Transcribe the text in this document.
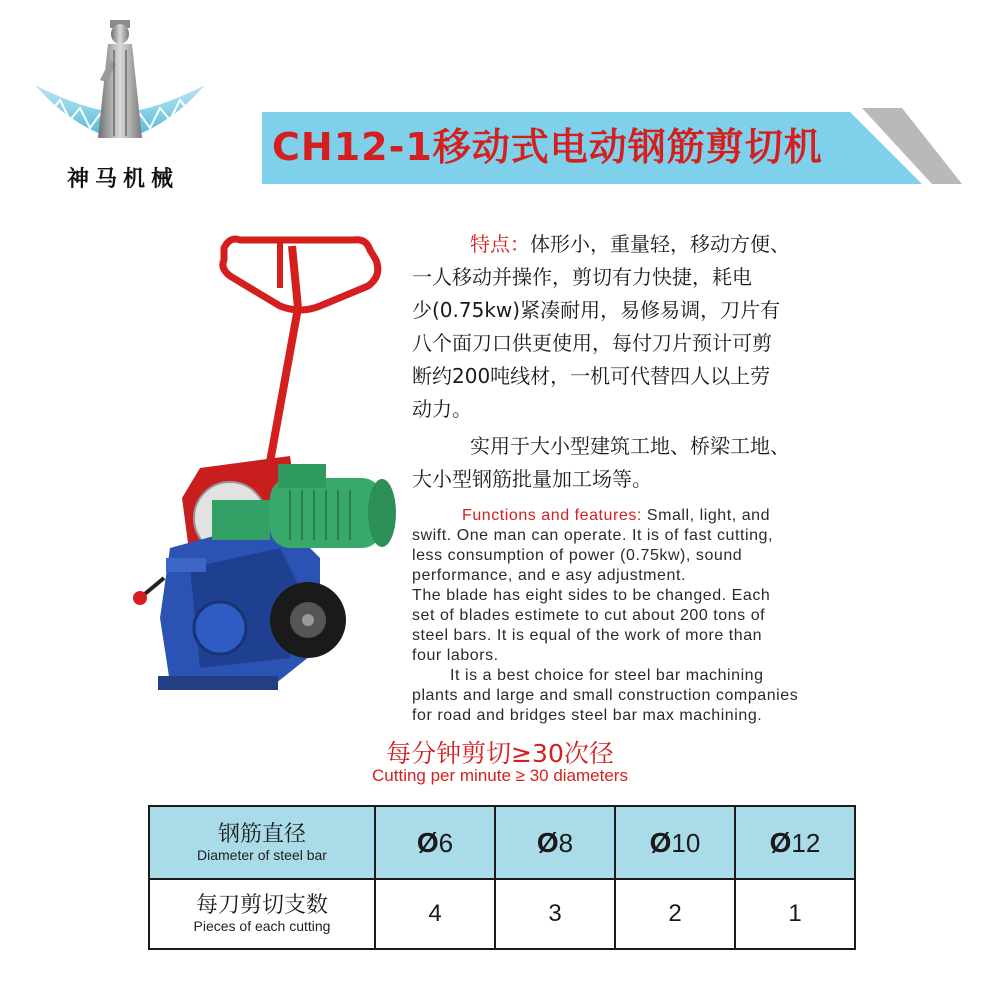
神马机械
CH12-1移动式电动钢筋剪切机
特点：体形小，重量轻，移动方便、
一人移动并操作，剪切有力快捷，耗电
少(0.75kw)紧凑耐用，易修易调，刀片有
八个面刀口供更使用，每付刀片预计可剪
断约200吨线材，一机可代替四人以上劳
动力。
实用于大小型建筑工地、桥梁工地、
大小型钢筋批量加工场等。
Functions and features: Small, light, and
swift. One man can operate. It is of fast cutting,
less consumption of power (0.75kw), sound
performance, and e asy adjustment.
The blade has eight sides to be changed. Each
set of blades estimete to cut about 200 tons of
steel bars. It is equal of the work of more than
four labors.
It is a best choice for steel bar machining
plants and large and small construction companies
for road and bridges steel bar max machining.
每分钟剪切≥30次径
Cutting per minute ≥ 30 diameters
钢筋直径
Diameter of steel bar	Ø6	Ø8	Ø10	Ø12

每刀剪切支数
Pieces of each cutting	4	3	2	1
